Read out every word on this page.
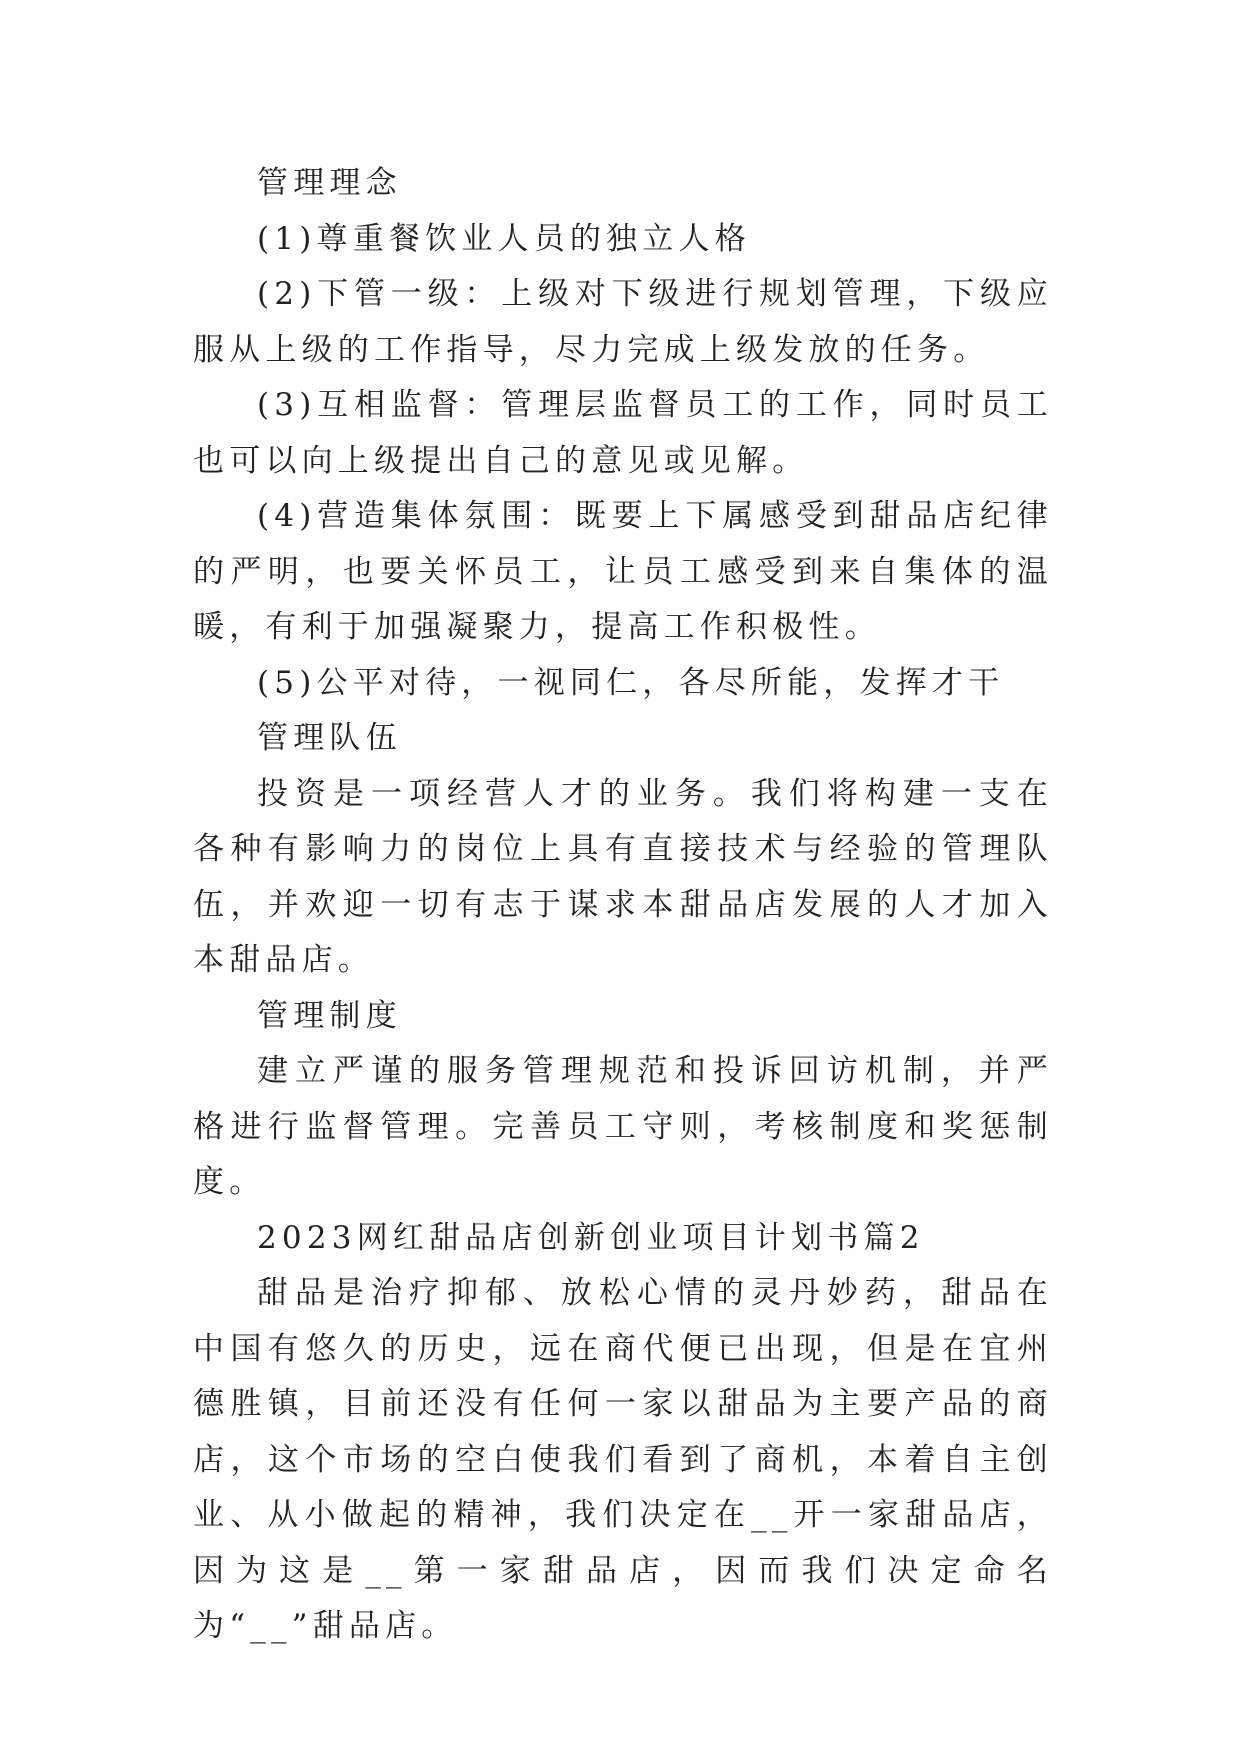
管理理念

(1)尊重餐饮业人员的独立人格

(2)下管一级：上级对下级进行规划管理，下级应服从上级的工作指导，尽力完成上级发放的任务。

(3)互相监督：管理层监督员工的工作，同时员工也可以向上级提出自己的意见或见解。

(4)营造集体氛围：既要上下属感受到甜品店纪律的严明，也要关怀员工，让员工感受到来自集体的温暖，有利于加强凝聚力，提高工作积极性。

(5)公平对待，一视同仁，各尽所能，发挥才干

管理队伍

投资是一项经营人才的业务。我们将构建一支在各种有影响力的岗位上具有直接技术与经验的管理队伍，并欢迎一切有志于谋求本甜品店发展的人才加入本甜品店。

管理制度

建立严谨的服务管理规范和投诉回访机制，并严格进行监督管理。完善员工守则，考核制度和奖惩制度。

2023网红甜品店创新创业项目计划书篇2

甜品是治疗抑郁、放松心情的灵丹妙药，甜品在中国有悠久的历史，远在商代便已出现，但是在宜州德胜镇，目前还没有任何一家以甜品为主要产品的商店，这个市场的空白使我们看到了商机，本着自主创业、从小做起的精神，我们决定在__开一家甜品店，因为这是__第一家甜品店，因而我们决定命名为“__”甜品店。
